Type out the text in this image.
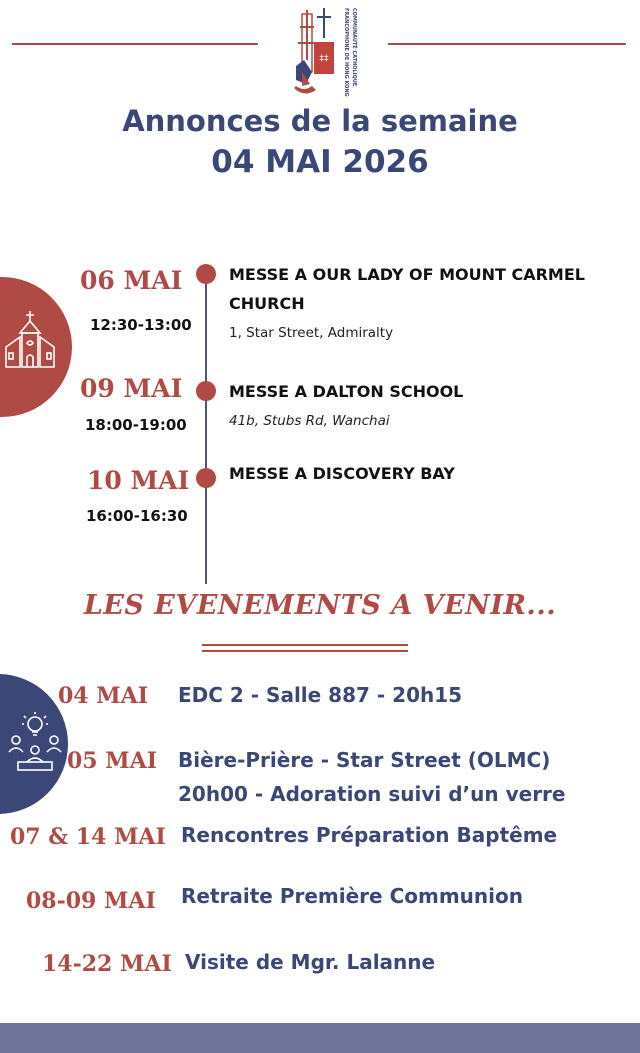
‡‡	COMMUNAUTÉ CATHOLIQUE
FRANCOPHONE DE HONG KONG
Annonces de la semaine
04 MAI 2026
06 MAI
12:30-13:00
MESSE A OUR LADY OF MOUNT CARMEL
CHURCH
1, Star Street, Admiralty
09 MAI
18:00-19:00
MESSE A DALTON SCHOOL
41b, Stubs Rd, Wanchai
10 MAI
16:00-16:30
MESSE A DISCOVERY BAY
LES EVENEMENTS A VENIR...
04 MAI EDC 2 - Salle 887 - 20h15
05 MAI Bière-Prière - Star Street (OLMC)
20h00 - Adoration suivi d’un verre
07 & 14 MAI Rencontres Préparation Baptême
08-09 MAI Retraite Première Communion
14-22 MAI Visite de Mgr. Lalanne
